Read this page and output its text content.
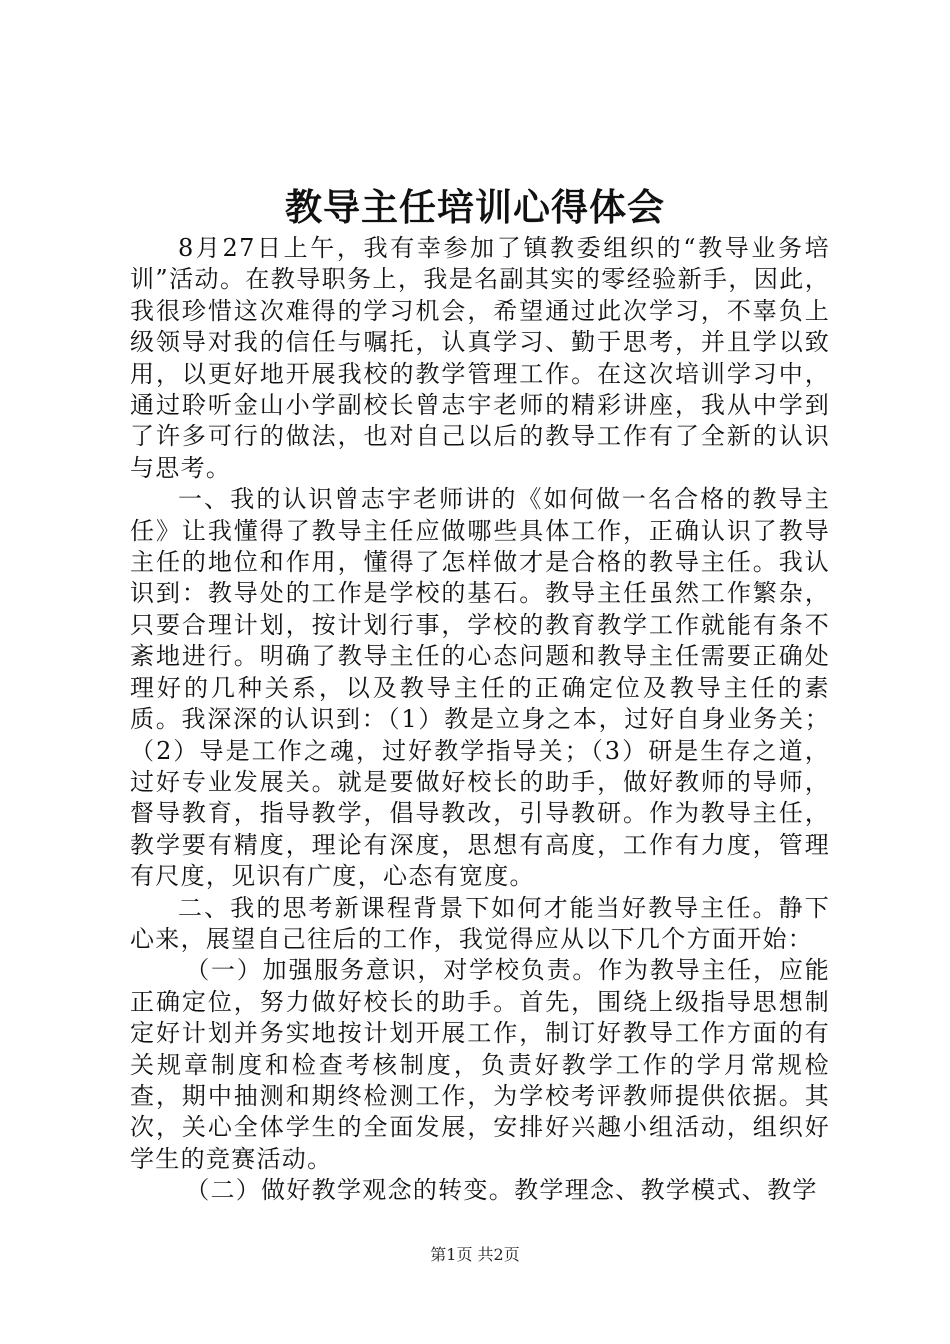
教导主任培训心得体会

8月27日上午，我有幸参加了镇教委组织的“教导业务培训”活动。在教导职务上，我是名副其实的零经验新手，因此，我很珍惜这次难得的学习机会，希望通过此次学习，不辜负上级领导对我的信任与嘱托，认真学习、勤于思考，并且学以致用，以更好地开展我校的教学管理工作。在这次培训学习中，通过聆听金山小学副校长曾志宇老师的精彩讲座，我从中学到了许多可行的做法，也对自己以后的教导工作有了全新的认识与思考。

一、我的认识曾志宇老师讲的《如何做一名合格的教导主任》让我懂得了教导主任应做哪些具体工作，正确认识了教导主任的地位和作用，懂得了怎样做才是合格的教导主任。我认识到：教导处的工作是学校的基石。教导主任虽然工作繁杂，只要合理计划，按计划行事，学校的教育教学工作就能有条不紊地进行。明确了教导主任的心态问题和教导主任需要正确处理好的几种关系，以及教导主任的正确定位及教导主任的素质。我深深的认识到：（1）教是立身之本，过好自身业务关；（2）导是工作之魂，过好教学指导关；（3）研是生存之道，过好专业发展关。就是要做好校长的助手，做好教师的导师，督导教育，指导教学，倡导教改，引导教研。作为教导主任，教学要有精度，理论有深度，思想有高度，工作有力度，管理有尺度，见识有广度，心态有宽度。

二、我的思考新课程背景下如何才能当好教导主任。静下心来，展望自己往后的工作，我觉得应从以下几个方面开始：

（一）加强服务意识，对学校负责。作为教导主任，应能正确定位，努力做好校长的助手。首先，围绕上级指导思想制定好计划并务实地按计划开展工作，制订好教导工作方面的有关规章制度和检查考核制度，负责好教学工作的学月常规检查，期中抽测和期终检测工作，为学校考评教师提供依据。其次，关心全体学生的全面发展，安排好兴趣小组活动，组织好学生的竞赛活动。

（二）做好教学观念的转变。教学理念、教学模式、教学

第1页 共2页
